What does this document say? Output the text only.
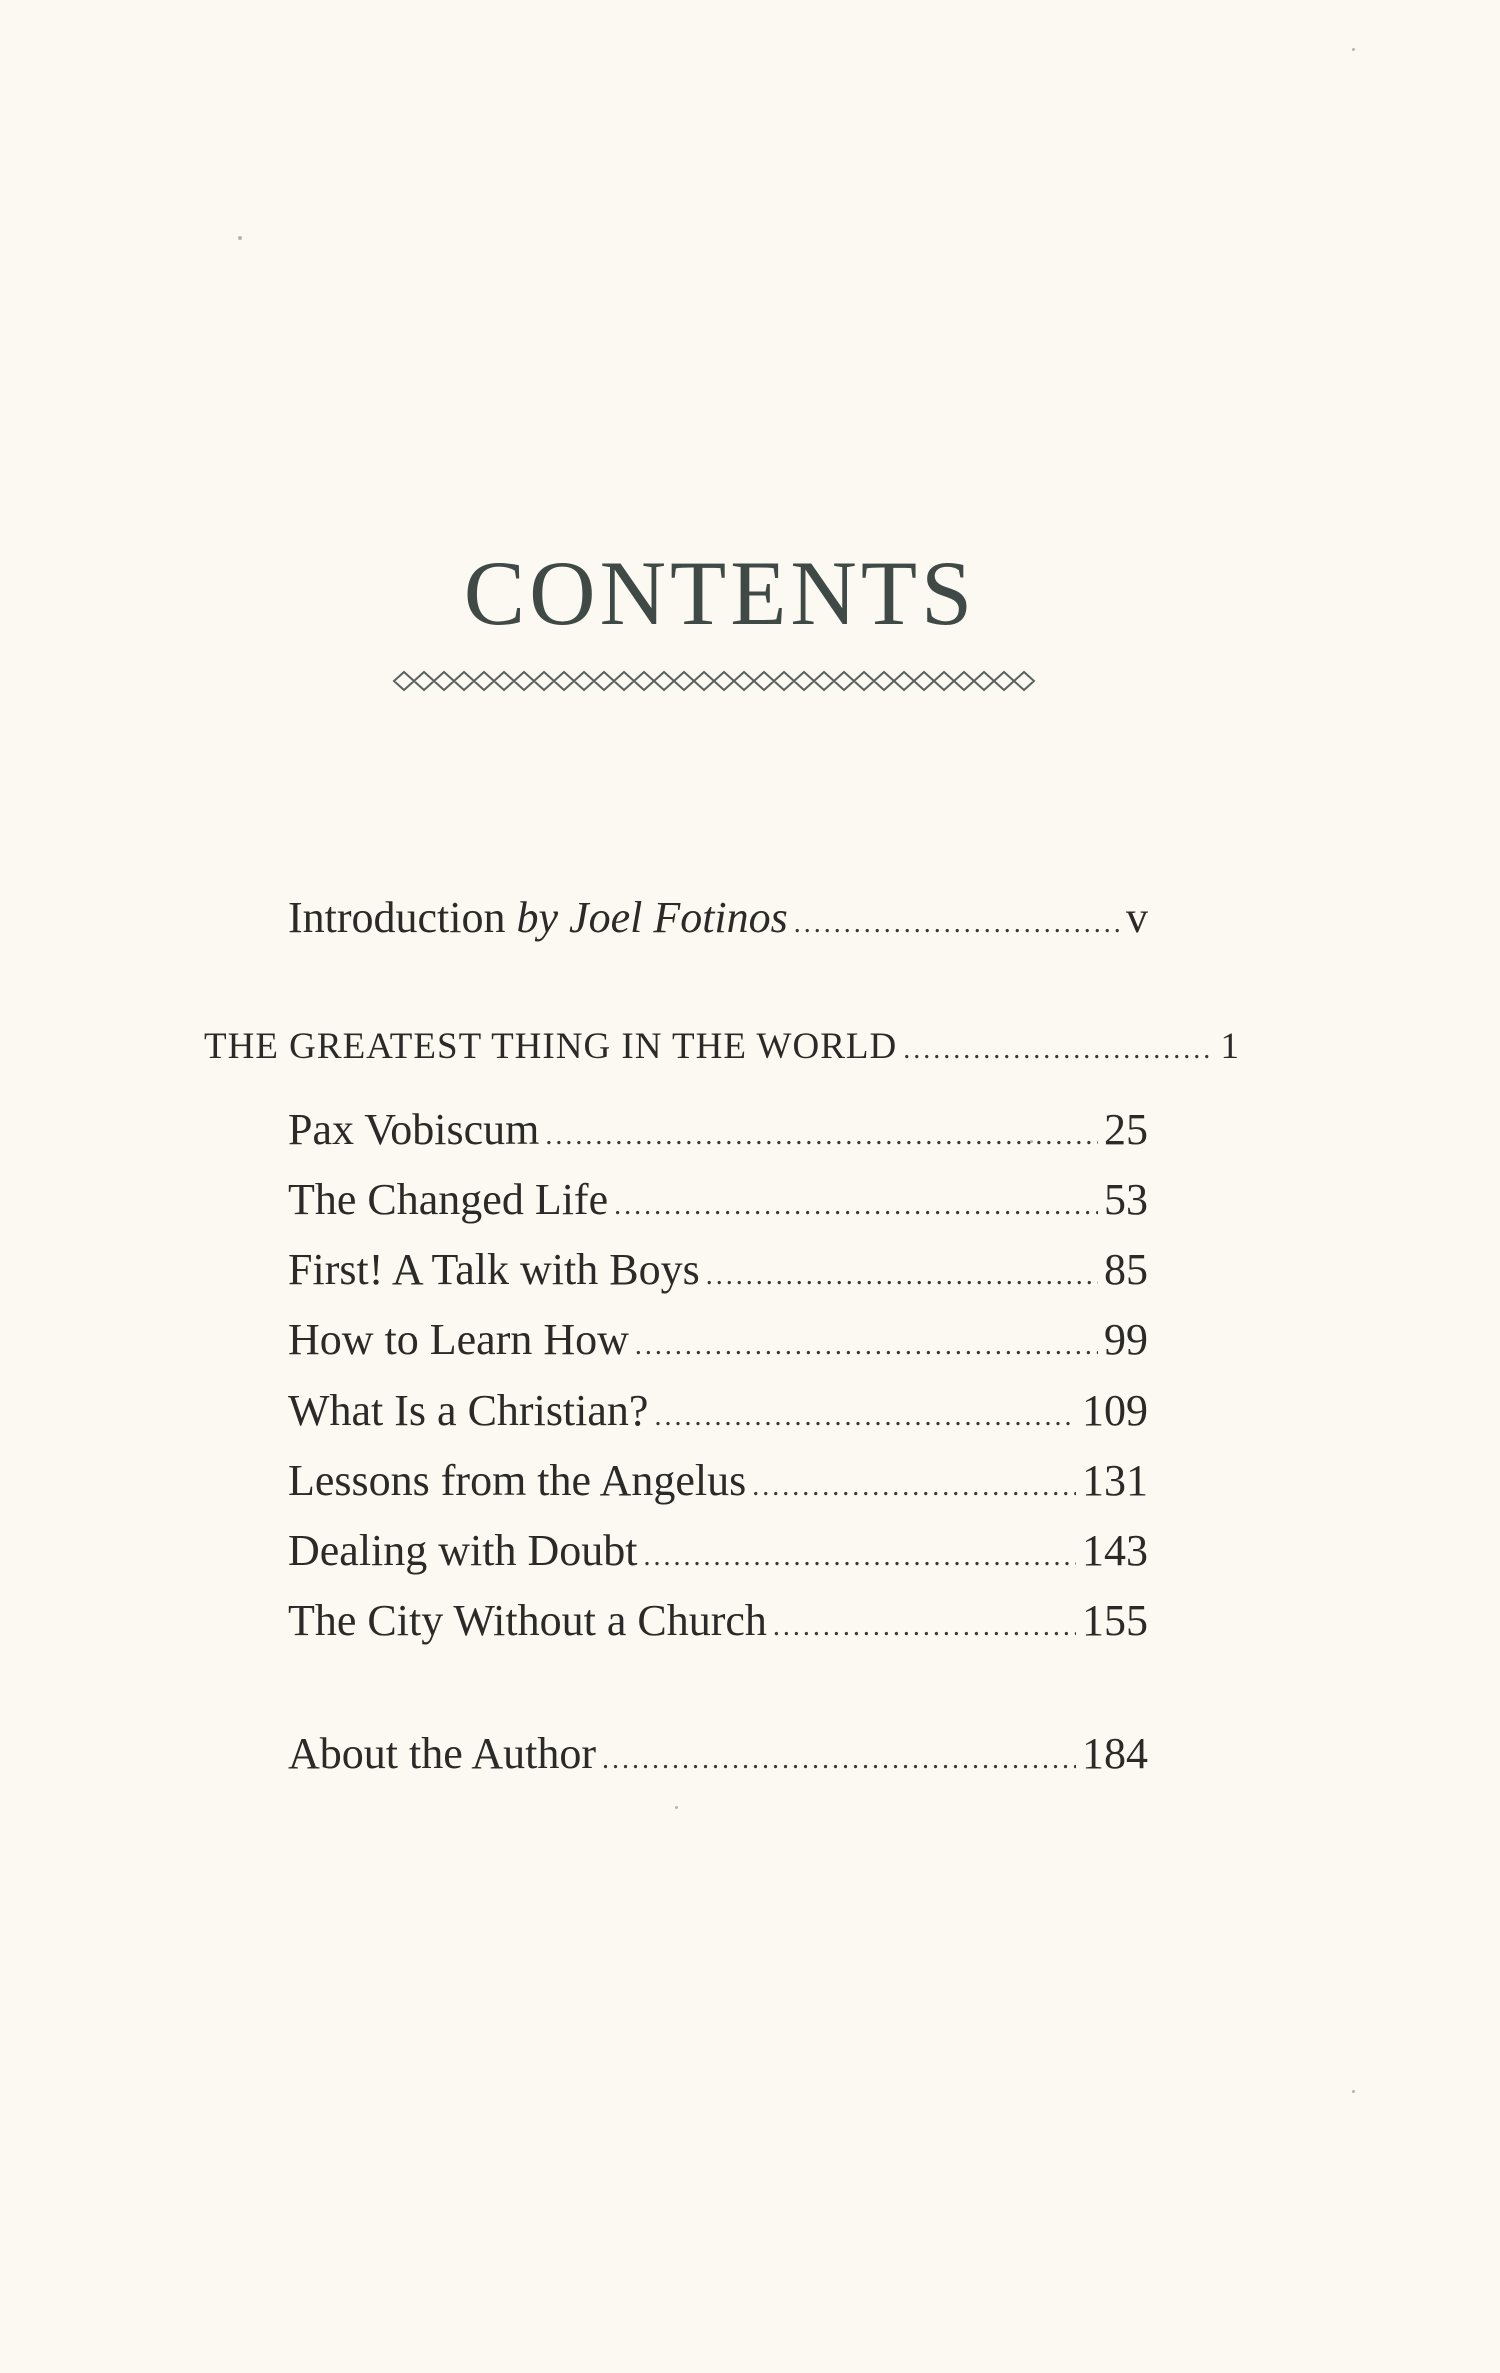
CONTENTS
Introduction by Joel Fotinos .....	v
THE GREATEST THING IN THE WORLD .....	1
Pax Vobiscum .....	25
The Changed Life .....	53
First! A Talk with Boys .....	85
How to Learn How .....	99
What Is a Christian? .....	109
Lessons from the Angelus .....	131
Dealing with Doubt .....	143
The City Without a Church .....	155
About the Author .....	184
